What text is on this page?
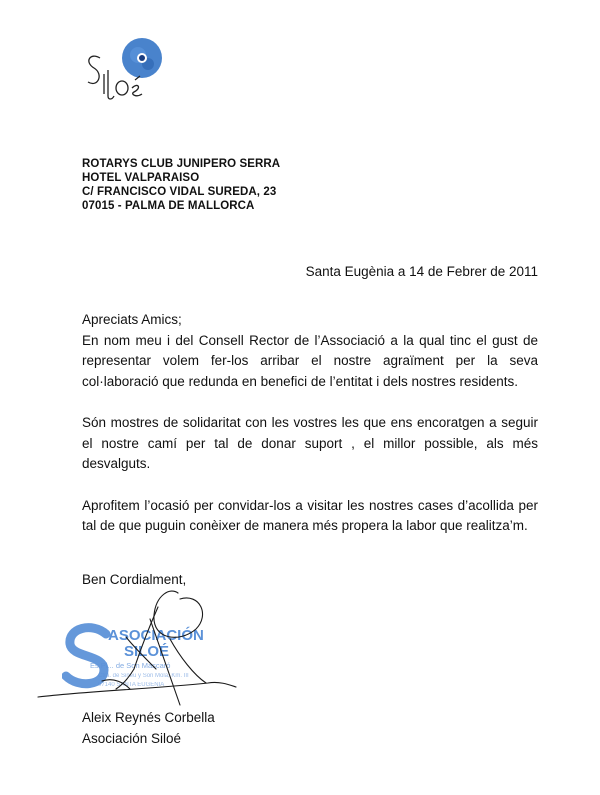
ROTARYS CLUB JUNIPERO SERRA
HOTEL VALPARAISO
C/ FRANCISCO VIDAL SUREDA, 23
07015 - PALMA DE MALLORCA
Santa Eugènia a 14 de Febrer de 2011

Apreciats Amics;

En nom meu i del Consell Rector de l’Associació a la qual tinc el gust de representar volem fer-los arribar el nostre agraïment per la seva col·laboració que redunda en benefici de l’entitat i dels nostres residents.

Són mostres de solidaritat con les vostres les que ens encoratgen a seguir el nostre camí per tal de donar suport , el millor possible, als més desvalguts.

Aprofitem l’ocasió per convidar-los a visitar les nostres cases d’acollida per tal de que puguin conèixer de manera més propera la labor que realitza’m.

Ben Cordialment,
ASOCIACIÓN
SILOÉ
Es Pl... de Son Mascaró
Ctra. de Sineu y Son Mola, Km. III
07140 SANTA EUGENIA
Aleix Reynés Corbella
Asociación Siloé
